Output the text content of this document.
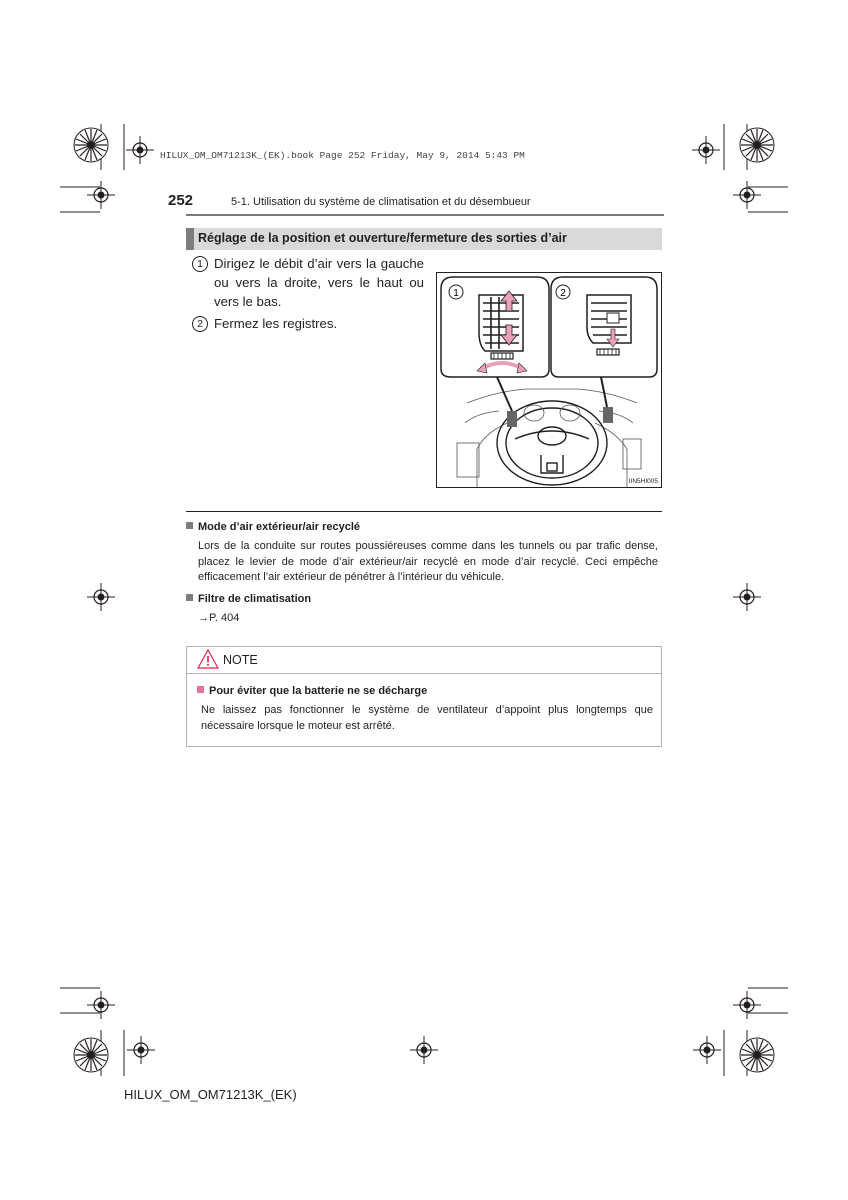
HILUX_OM_OM71213K_(EK).book Page 252 Friday, May 9, 2014 5:43 PM
252	5-1. Utilisation du système de climatisation et du désembueur
Réglage de la position et ouverture/fermeture des sorties d’air
1 Dirigez le débit d’air vers la gauche ou vers la droite, vers le haut ou vers le bas.
2 Fermez les registres.
1	2
IIN5HI005
Mode d’air extérieur/air recyclé
Lors de la conduite sur routes poussiéreuses comme dans les tunnels ou par trafic dense, placez le levier de mode d’air extérieur/air recyclé en mode d’air recyclé. Ceci empêche efficacement l’air extérieur de pénétrer à l’intérieur du véhicule.
Filtre de climatisation
→P. 404
NOTE
Pour éviter que la batterie ne se décharge
Ne laissez pas fonctionner le système de ventilateur d’appoint plus longtemps que nécessaire lorsque le moteur est arrêté.
HILUX_OM_OM71213K_(EK)
